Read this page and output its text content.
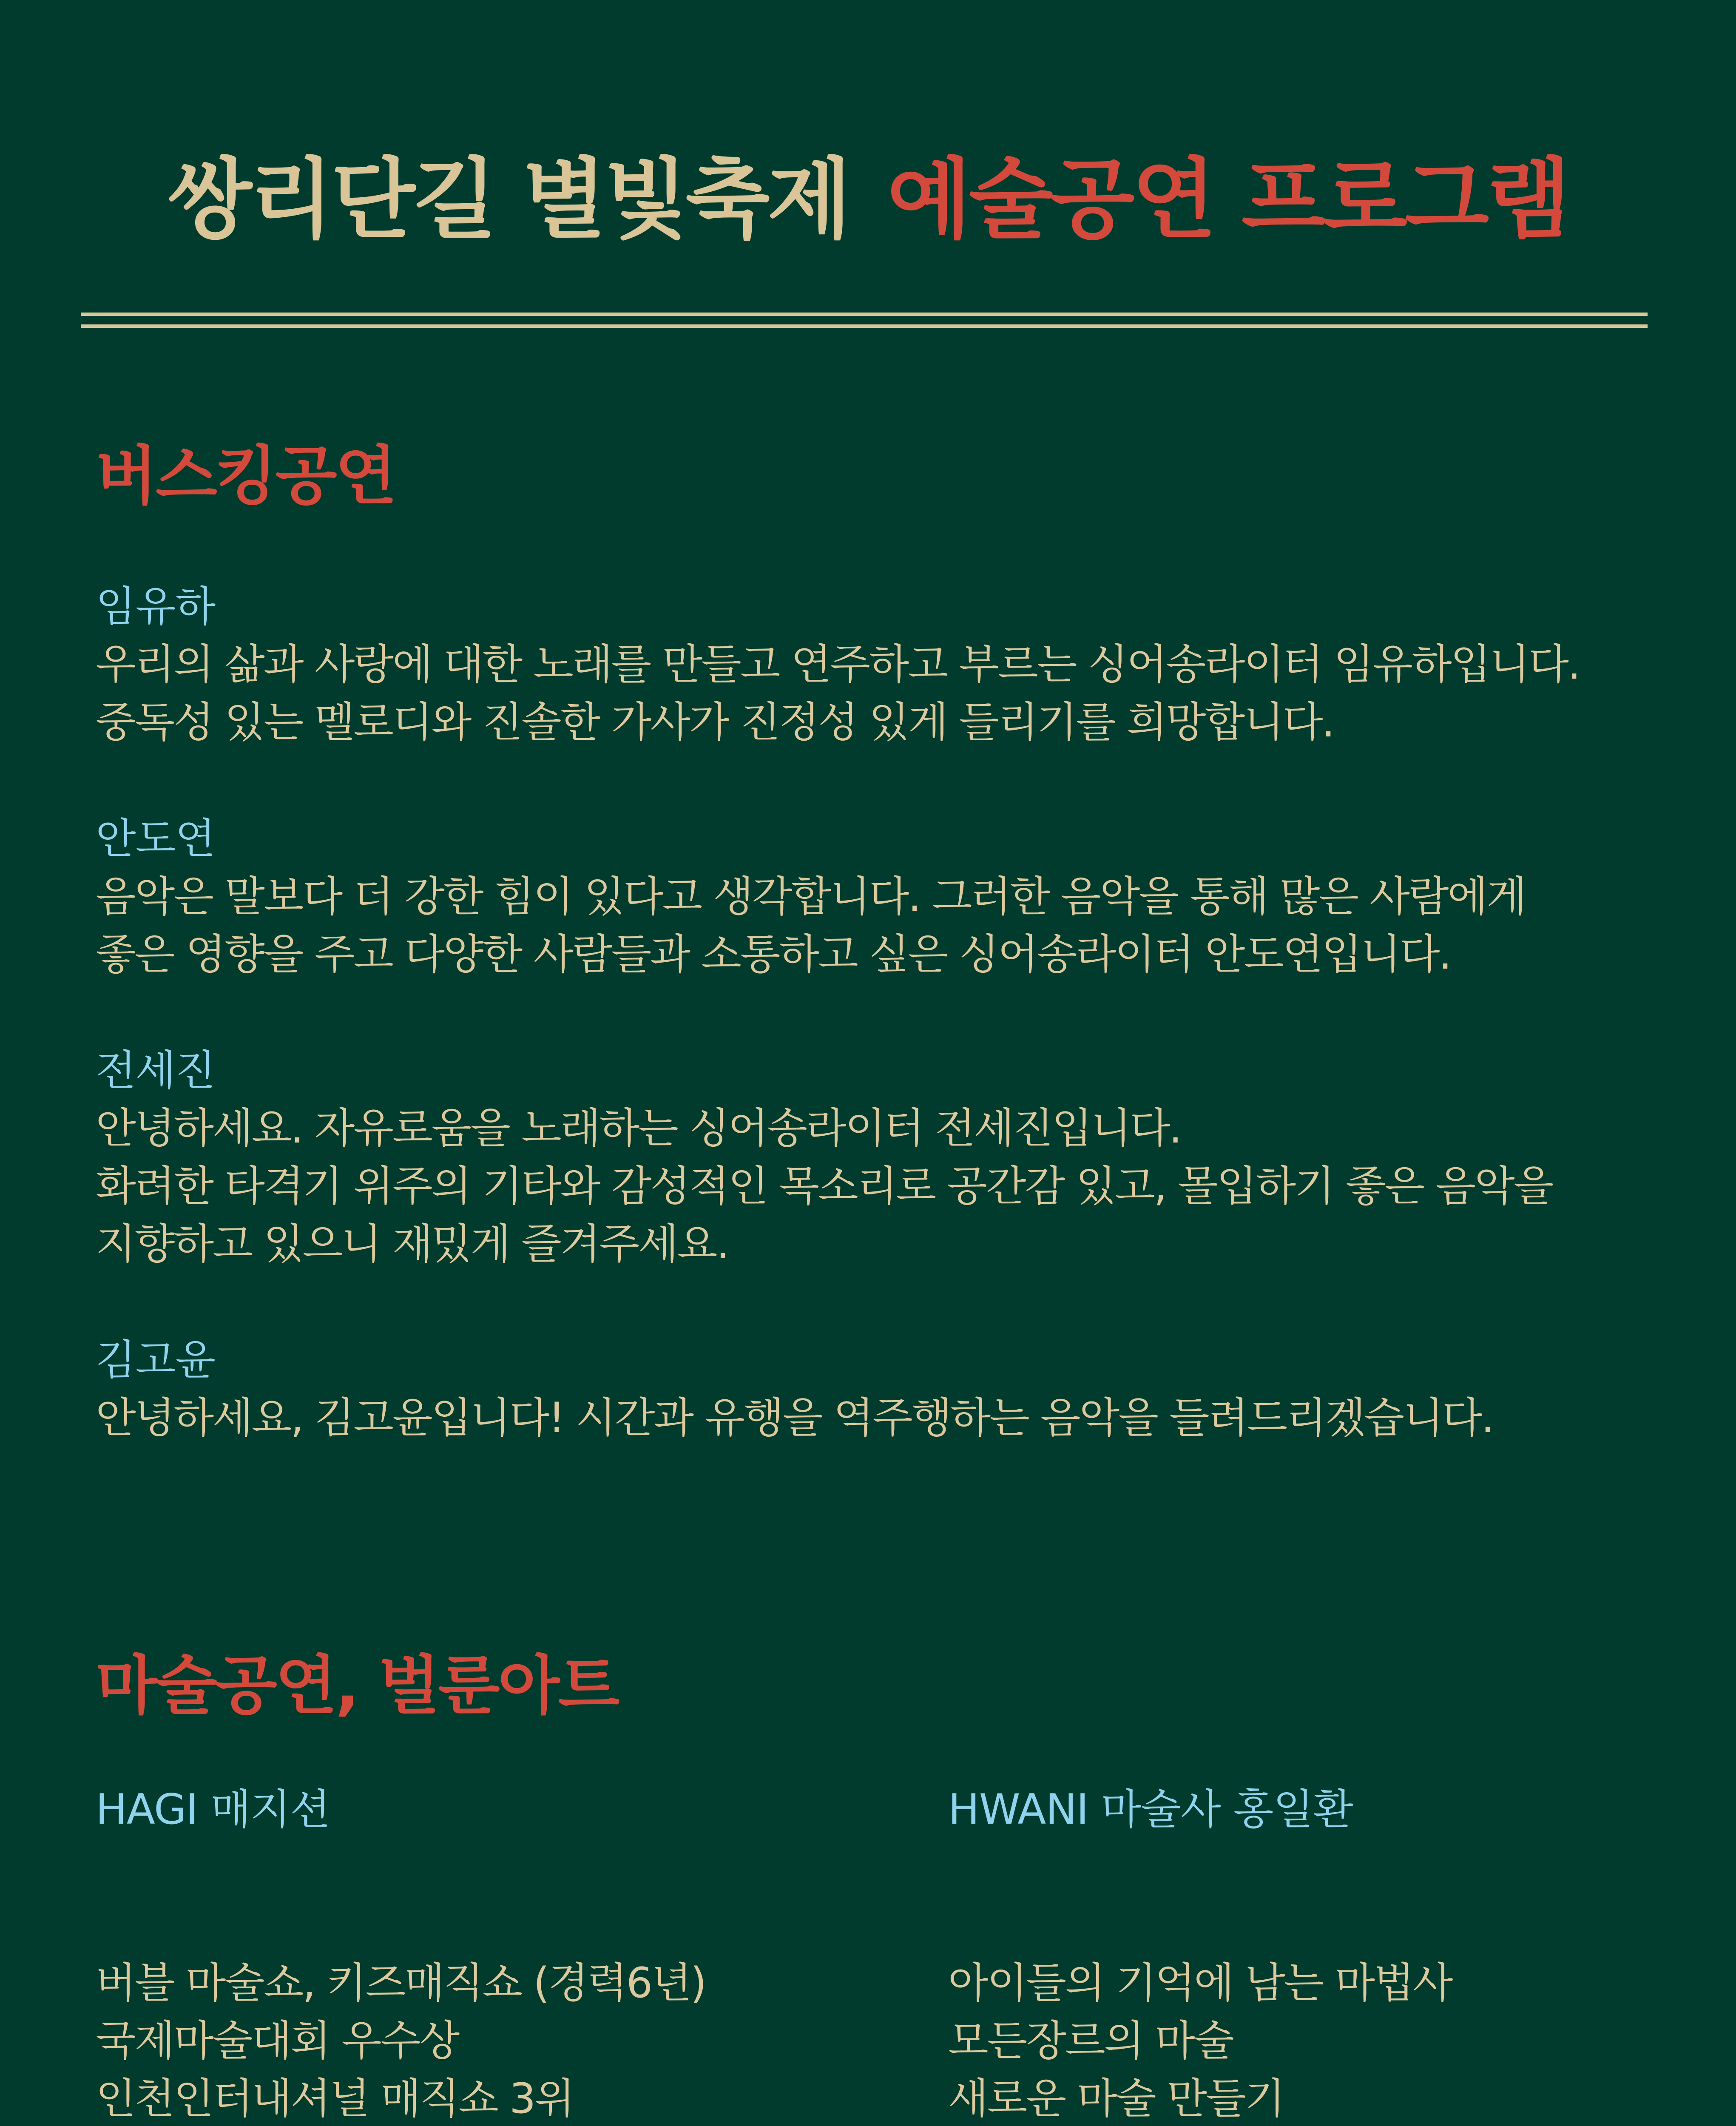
쌍리단길 별빛축제 예술공연 프로그램
버스킹공연
임유하
우리의 삶과 사랑에 대한 노래를 만들고 연주하고 부르는 싱어송라이터 임유하입니다.
중독성 있는 멜로디와 진솔한 가사가 진정성 있게 들리기를 희망합니다.
안도연
음악은 말보다 더 강한 힘이 있다고 생각합니다. 그러한 음악을 통해 많은 사람에게
좋은 영향을 주고 다양한 사람들과 소통하고 싶은 싱어송라이터 안도연입니다.
전세진
안녕하세요. 자유로움을 노래하는 싱어송라이터 전세진입니다.
화려한 타격기 위주의 기타와 감성적인 목소리로 공간감 있고, 몰입하기 좋은 음악을
지향하고 있으니 재밌게 즐겨주세요.
김고윤
안녕하세요, 김고윤입니다! 시간과 유행을 역주행하는 음악을 들려드리겠습니다.
마술공연, 벌룬아트
HAGI 매지션
버블 마술쇼, 키즈매직쇼 (경력6년)
국제마술대회 우수상
인천인터내셔널 매직쇼 3위
HWANI 마술사 홍일환
아이들의 기억에 남는 마법사
모든장르의 마술
새로운 마술 만들기
